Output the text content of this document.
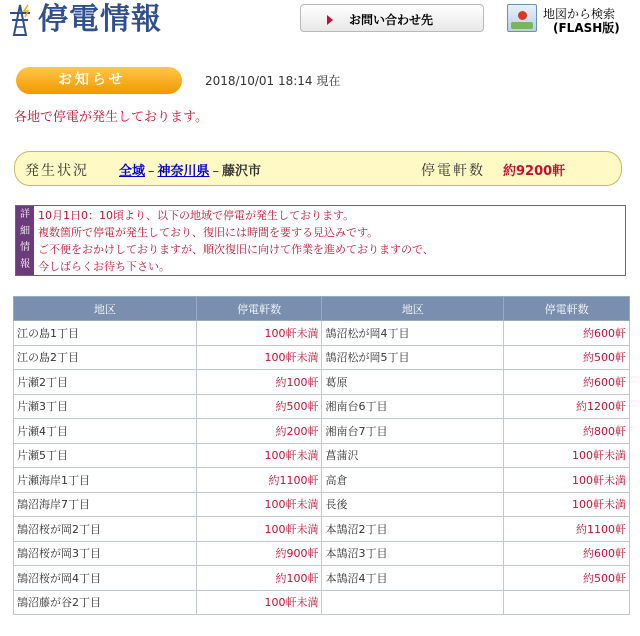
停電情報	お問い合わせ先	地図から検索
(FLASH版)
お知らせ	2018/10/01 18:14 現在
各地で停電が発生しております。
発生状況 全域 – 神奈川県 – 藤沢市	停電軒数 約9200軒
詳
細
情
報
10月1日0：10頃より、以下の地域で停電が発生しております。
複数箇所で停電が発生しており、復旧には時間を要する見込みです。
ご不便をおかけしておりますが、順次復旧に向けて作業を進めておりますので、
今しばらくお待ち下さい。
地区	停電軒数	地区	停電軒数
江の島1丁目	100軒未満	鵠沼松が岡4丁目	約600軒
江の島2丁目	100軒未満	鵠沼松が岡5丁目	約500軒
片瀬2丁目	約100軒	葛原	約600軒
片瀬3丁目	約500軒	湘南台6丁目	約1200軒
片瀬4丁目	約200軒	湘南台7丁目	約800軒
片瀬5丁目	100軒未満	菖蒲沢	100軒未満
片瀬海岸1丁目	約1100軒	高倉	100軒未満
鵠沼海岸7丁目	100軒未満	長後	100軒未満
鵠沼桜が岡2丁目	100軒未満	本鵠沼2丁目	約1100軒
鵠沼桜が岡3丁目	約900軒	本鵠沼3丁目	約600軒
鵠沼桜が岡4丁目	約100軒	本鵠沼4丁目	約500軒
鵠沼藤が谷2丁目	100軒未満		
